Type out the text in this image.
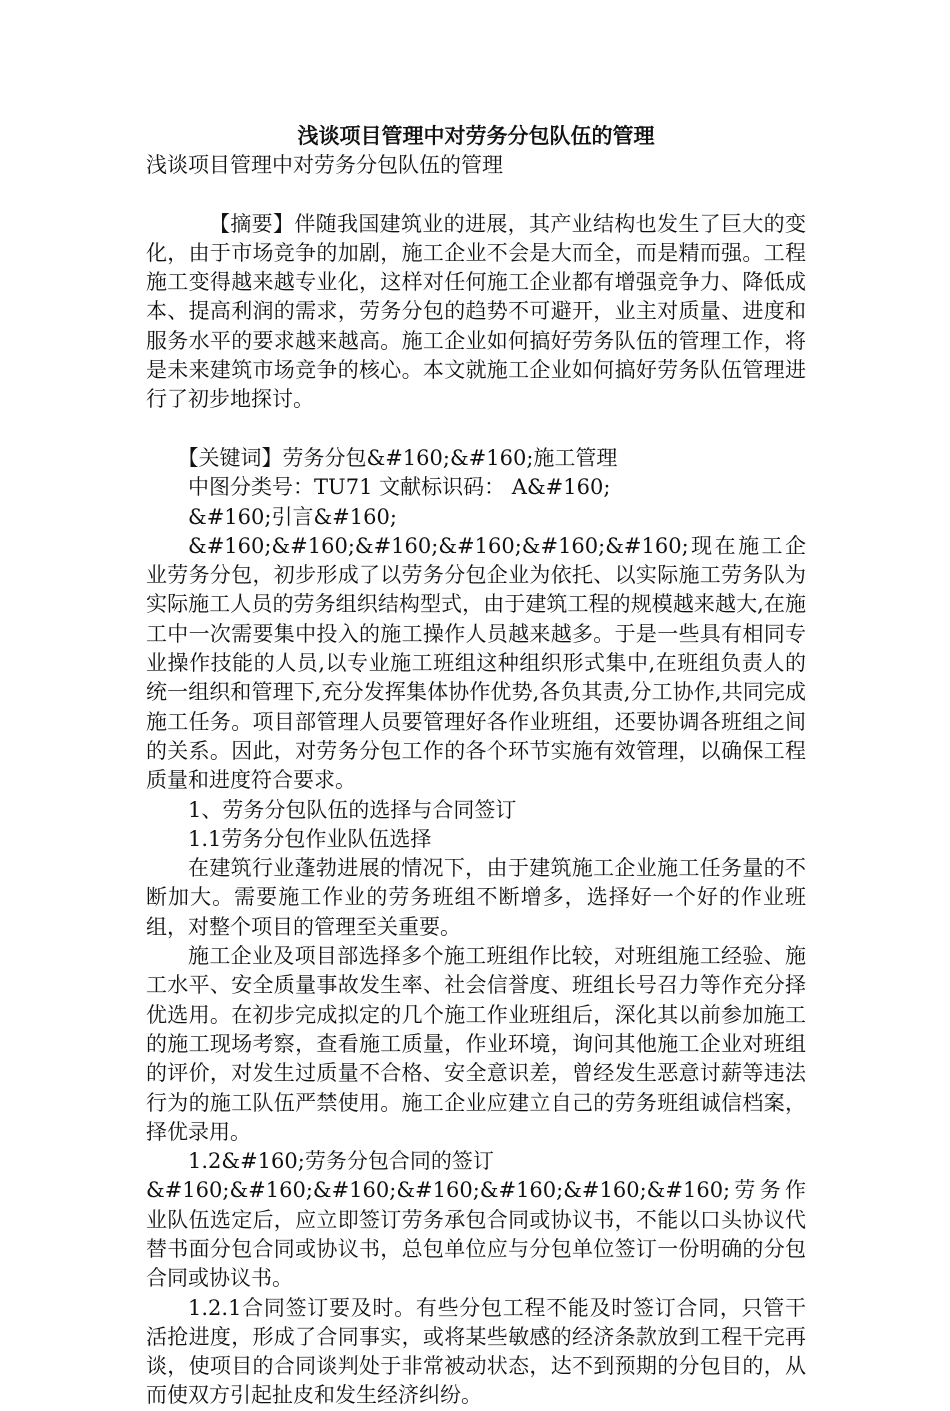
浅谈项目管理中对劳务分包队伍的管理

浅谈项目管理中对劳务分包队伍的管理

【摘要】伴随我国建筑业的进展，其产业结构也发生了巨大的变化，由于市场竞争的加剧，施工企业不会是大而全，而是精而强。工程施工变得越来越专业化，这样对任何施工企业都有增强竞争力、降低成本、提高利润的需求，劳务分包的趋势不可避开，业主对质量、进度和服务水平的要求越来越高。施工企业如何搞好劳务队伍的管理工作，将是未来建筑市场竞争的核心。本文就施工企业如何搞好劳务队伍管理进行了初步地探讨。

【关键词】劳务分包&#160;&#160;施工管理

中图分类号：TU71 文献标识码： A&#160;

&#160;引言&#160;

&#160;&#160;&#160;&#160;&#160;&#160;现在施工企业劳务分包，初步形成了以劳务分包企业为依托、以实际施工劳务队为实际施工人员的劳务组织结构型式，由于建筑工程的规模越来越大,在施工中一次需要集中投入的施工操作人员越来越多。于是一些具有相同专业操作技能的人员,以专业施工班组这种组织形式集中,在班组负责人的统一组织和管理下,充分发挥集体协作优势,各负其责,分工协作,共同完成施工任务。项目部管理人员要管理好各作业班组，还要协调各班组之间的关系。因此，对劳务分包工作的各个环节实施有效管理，以确保工程质量和进度符合要求。

1、劳务分包队伍的选择与合同签订

1.1劳务分包作业队伍选择

在建筑行业蓬勃进展的情况下，由于建筑施工企业施工任务量的不断加大。需要施工作业的劳务班组不断增多，选择好一个好的作业班组，对整个项目的管理至关重要。

施工企业及项目部选择多个施工班组作比较，对班组施工经验、施工水平、安全质量事故发生率、社会信誉度、班组长号召力等作充分择优选用。在初步完成拟定的几个施工作业班组后，深化其以前参加施工的施工现场考察，查看施工质量，作业环境，询问其他施工企业对班组的评价，对发生过质量不合格、安全意识差，曾经发生恶意讨薪等违法行为的施工队伍严禁使用。施工企业应建立自己的劳务班组诚信档案，择优录用。

1.2&#160;劳务分包合同的签订

&#160;&#160;&#160;&#160;&#160;&#160;&#160;劳务作业队伍选定后，应立即签订劳务承包合同或协议书，不能以口头协议代替书面分包合同或协议书，总包单位应与分包单位签订一份明确的分包合同或协议书。

1.2.1合同签订要及时。有些分包工程不能及时签订合同，只管干活抢进度，形成了合同事实，或将某些敏感的经济条款放到工程干完再谈，使项目的合同谈判处于非常被动状态，达不到预期的分包目的，从而使双方引起扯皮和发生经济纠纷。
